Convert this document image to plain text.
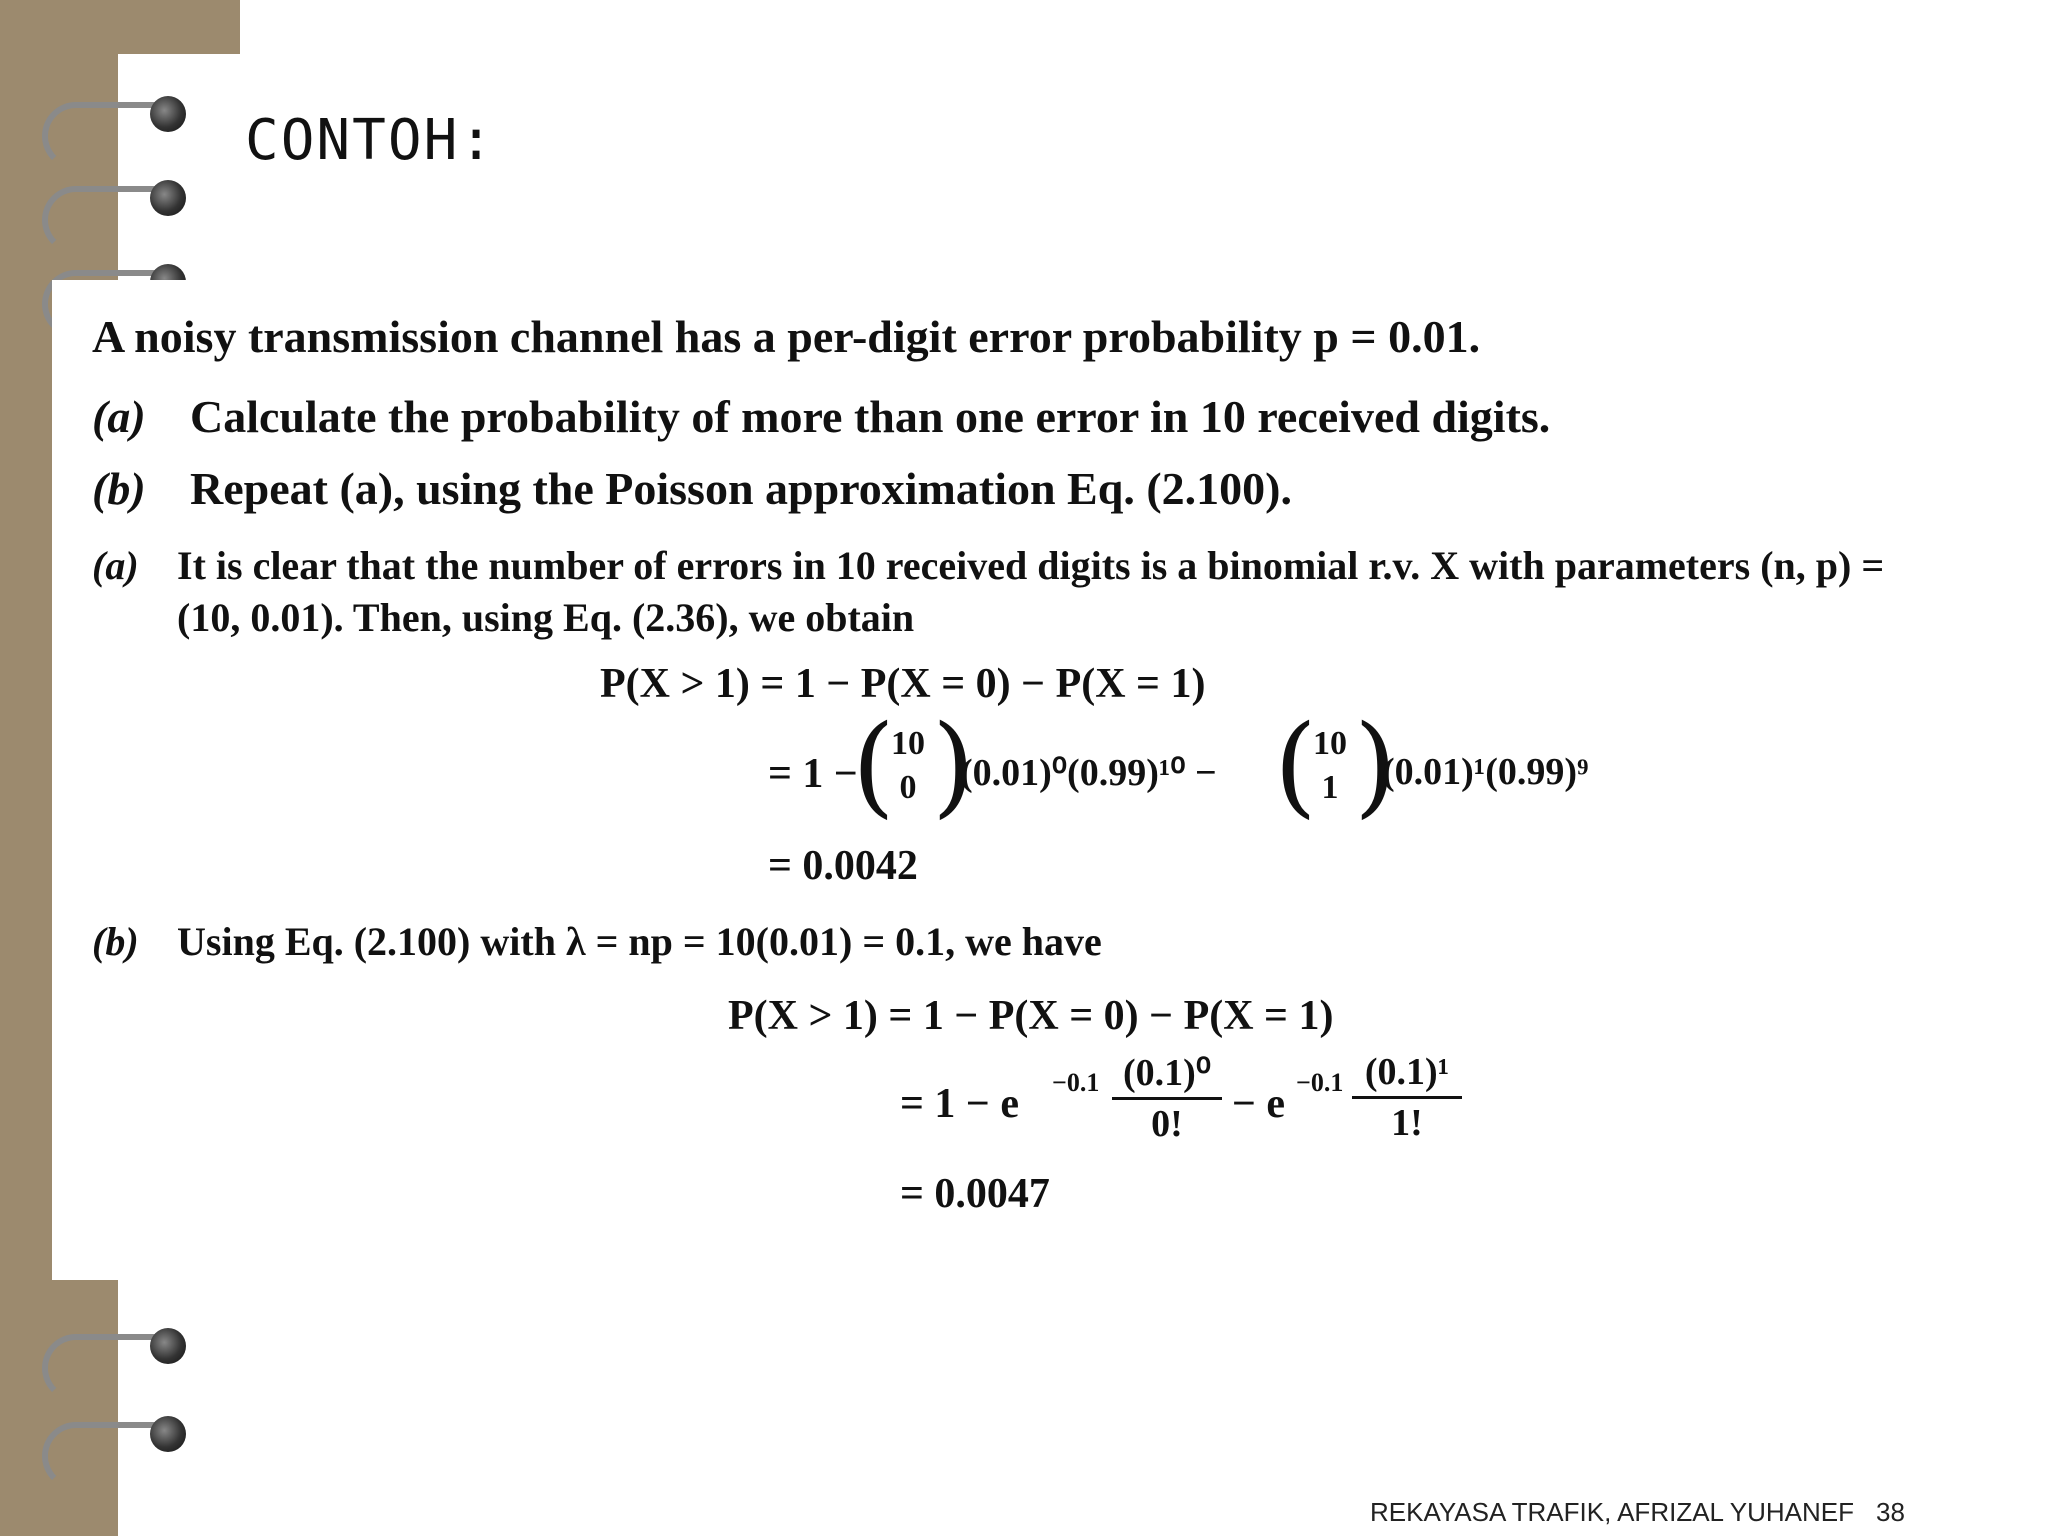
CONTOH:
A noisy transmission channel has a per-digit error probability p = 0.01.
(a) Calculate the probability of more than one error in 10 received digits.
(b) Repeat (a), using the Poisson approximation Eq. (2.100).
(a) It is clear that the number of errors in 10 received digits is a binomial r.v. X with parameters (n, p) =
(10, 0.01). Then, using Eq. (2.36), we obtain
P(X > 1) = 1 − P(X = 0) − P(X = 1)
= 1 −
(
10
0 )
(0.01)⁰(0.99)¹⁰ − (
10
1 )
(0.01)¹(0.99)⁹
= 0.0042
(b) Using Eq. (2.100) with λ = np = 10(0.01) = 0.1, we have
P(X > 1) = 1 − P(X = 0) − P(X = 1)
= 1 − e −0.1 (0.1)⁰
0!	− e −0.1 (0.1)¹
1!
= 0.0047
REKAYASA TRAFIK, AFRIZAL YUHANEF 38
